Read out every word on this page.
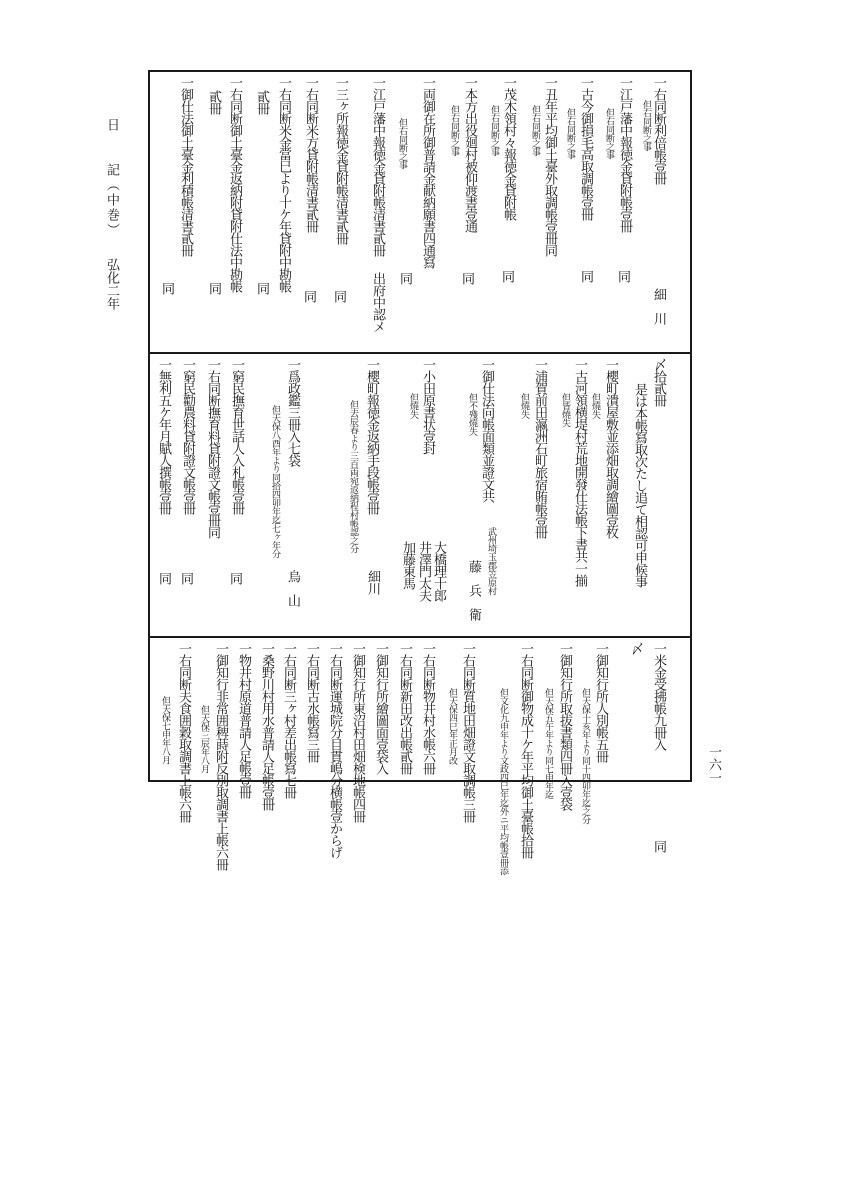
日　　記（中巻）
弘化二年
一六一
一右同断利倍帳壹冊
但右同断之事
細　川
一江戸藩中報徳金貸附帳壹冊
但右同断之事
同
一古今御損毛高取調帳壹冊
但右同断之事
同
一丑年平均御土臺外取調帳壹冊同
但右同断之事
一茂木領村々報徳金貸附帳
但右同断之事
同
一本方出役廻村被仰渡書壹通
但右同断之事
同
一両御在所御普請金献納願書四通寫
但右同断之事
同
一江戸藩中報徳金貸附帳清書貳冊
出府中認メ
一三ヶ所報徳金貸附帳清書貳冊
同
一右同断米方貸附帳清書貳冊
同
一右同断米金當巳より十ケ年貸附中勘帳
貳冊
同
一右同断御土臺金返納附貸附仕法中勘帳
貳冊
同
一御仕法御土臺金利積帳清書貳冊
同
〆拾貳冊
是は本帳寫取次たし追て相認可申候事
一櫻町潰屋敷並添畑取調繪圖壹枚
但燒失
一古河領横堤村荒地開發仕法帳下書共一揃
但皆燒失
一浦賀前田瀛洲石町旅宿賄帳壹冊
但燒失
一御仕法向帳面類並證文共
但不殘燒失
武州埼玉郡笠原村
藤　兵　衛
一小田原書状壹封
但燒失
大橋理十郎
井澤門太夫
加藤東馬
一櫻町報徳金返納手段帳壹冊
但去辰春より三百両宛返納程村帳認之分
細川
一爲政鑑三冊入七袋
但天保八酉年より同拾四卯年迄七ヶ年分
烏　山
一窮民撫育世話人入札帳壹冊
同
一右同断撫育料貸附證文帳壹冊同
一窮民勸農料貸附證文帳壹冊
同
一無利五ケ年月賦人撰帳壹冊
同
一米金受拂帳九冊入
同
〆
一御知行所人別帳五冊
但天保十亥年より同十四卯年迄之分
一御知行所取拔書類四冊入壹袋
但天保五午年より同七申年迄
一右同断御物成十ケ年平均御土臺帳拾冊
但文化九申年より文政四巳年迄外ニ平均帳壹冊添
一右同断質地田畑證文取調帳三冊
但天保四巳年正月改
一右同断物井村水帳六冊
一右同断新田改出帳貳冊
一御知行所繪圖面壹袋入
一御知行所東沼村田畑検地帳四冊
一右同断運城院分目貫嶋分横帳壹からげ
一右同断古水帳寫三冊
一右同断三ヶ村差出帳寫七冊
一桑野川村用水普請人足帳壹冊
一物井村原道普請人足帳壹冊
一御知行非常囲稗蒔附反別取調書上帳六冊
但天保三辰年八月
一右同断夫食囲穀取調書上帳六冊
但天保七申年八月
